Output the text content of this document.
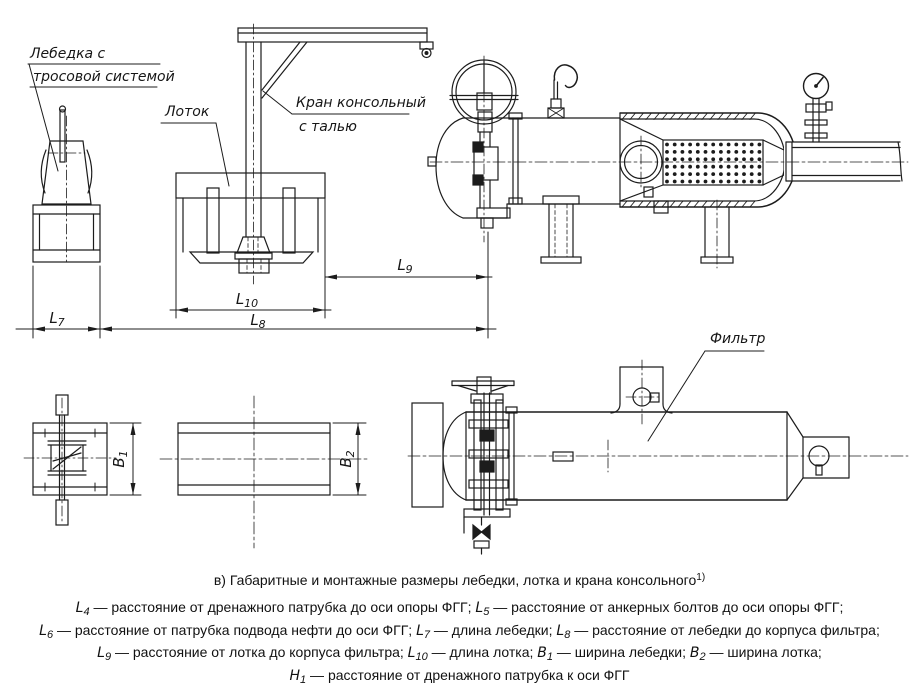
Лебедка с
тросовой системой
Лоток
Кран консольный
с талью
Фильтр
$L_7$	$L_8$
$L_9$
$L_{10}$
$B_1$
$B_2$
в) Габаритные и монтажные размеры лебедки, лотка и крана консольного$^{1)}$
$L_4$ — расстояние от дренажного патрубка до оси опоры ФГГ; $L_5$ — расстояние от анкерных болтов до оси опоры ФГГ;
$L_6$ — расстояние от патрубка подвода нефти до оси ФГГ; $L_7$ — длина лебедки; $L_8$ — расстояние от лебедки до корпуса фильтра;
$L_9$ — расстояние от лотка до корпуса фильтра; $L_{10}$ — длина лотка; $B_1$ — ширина лебедки; $B_2$ — ширина лотка;
$H_1$ — расстояние от дренажного патрубка к оси ФГГ
